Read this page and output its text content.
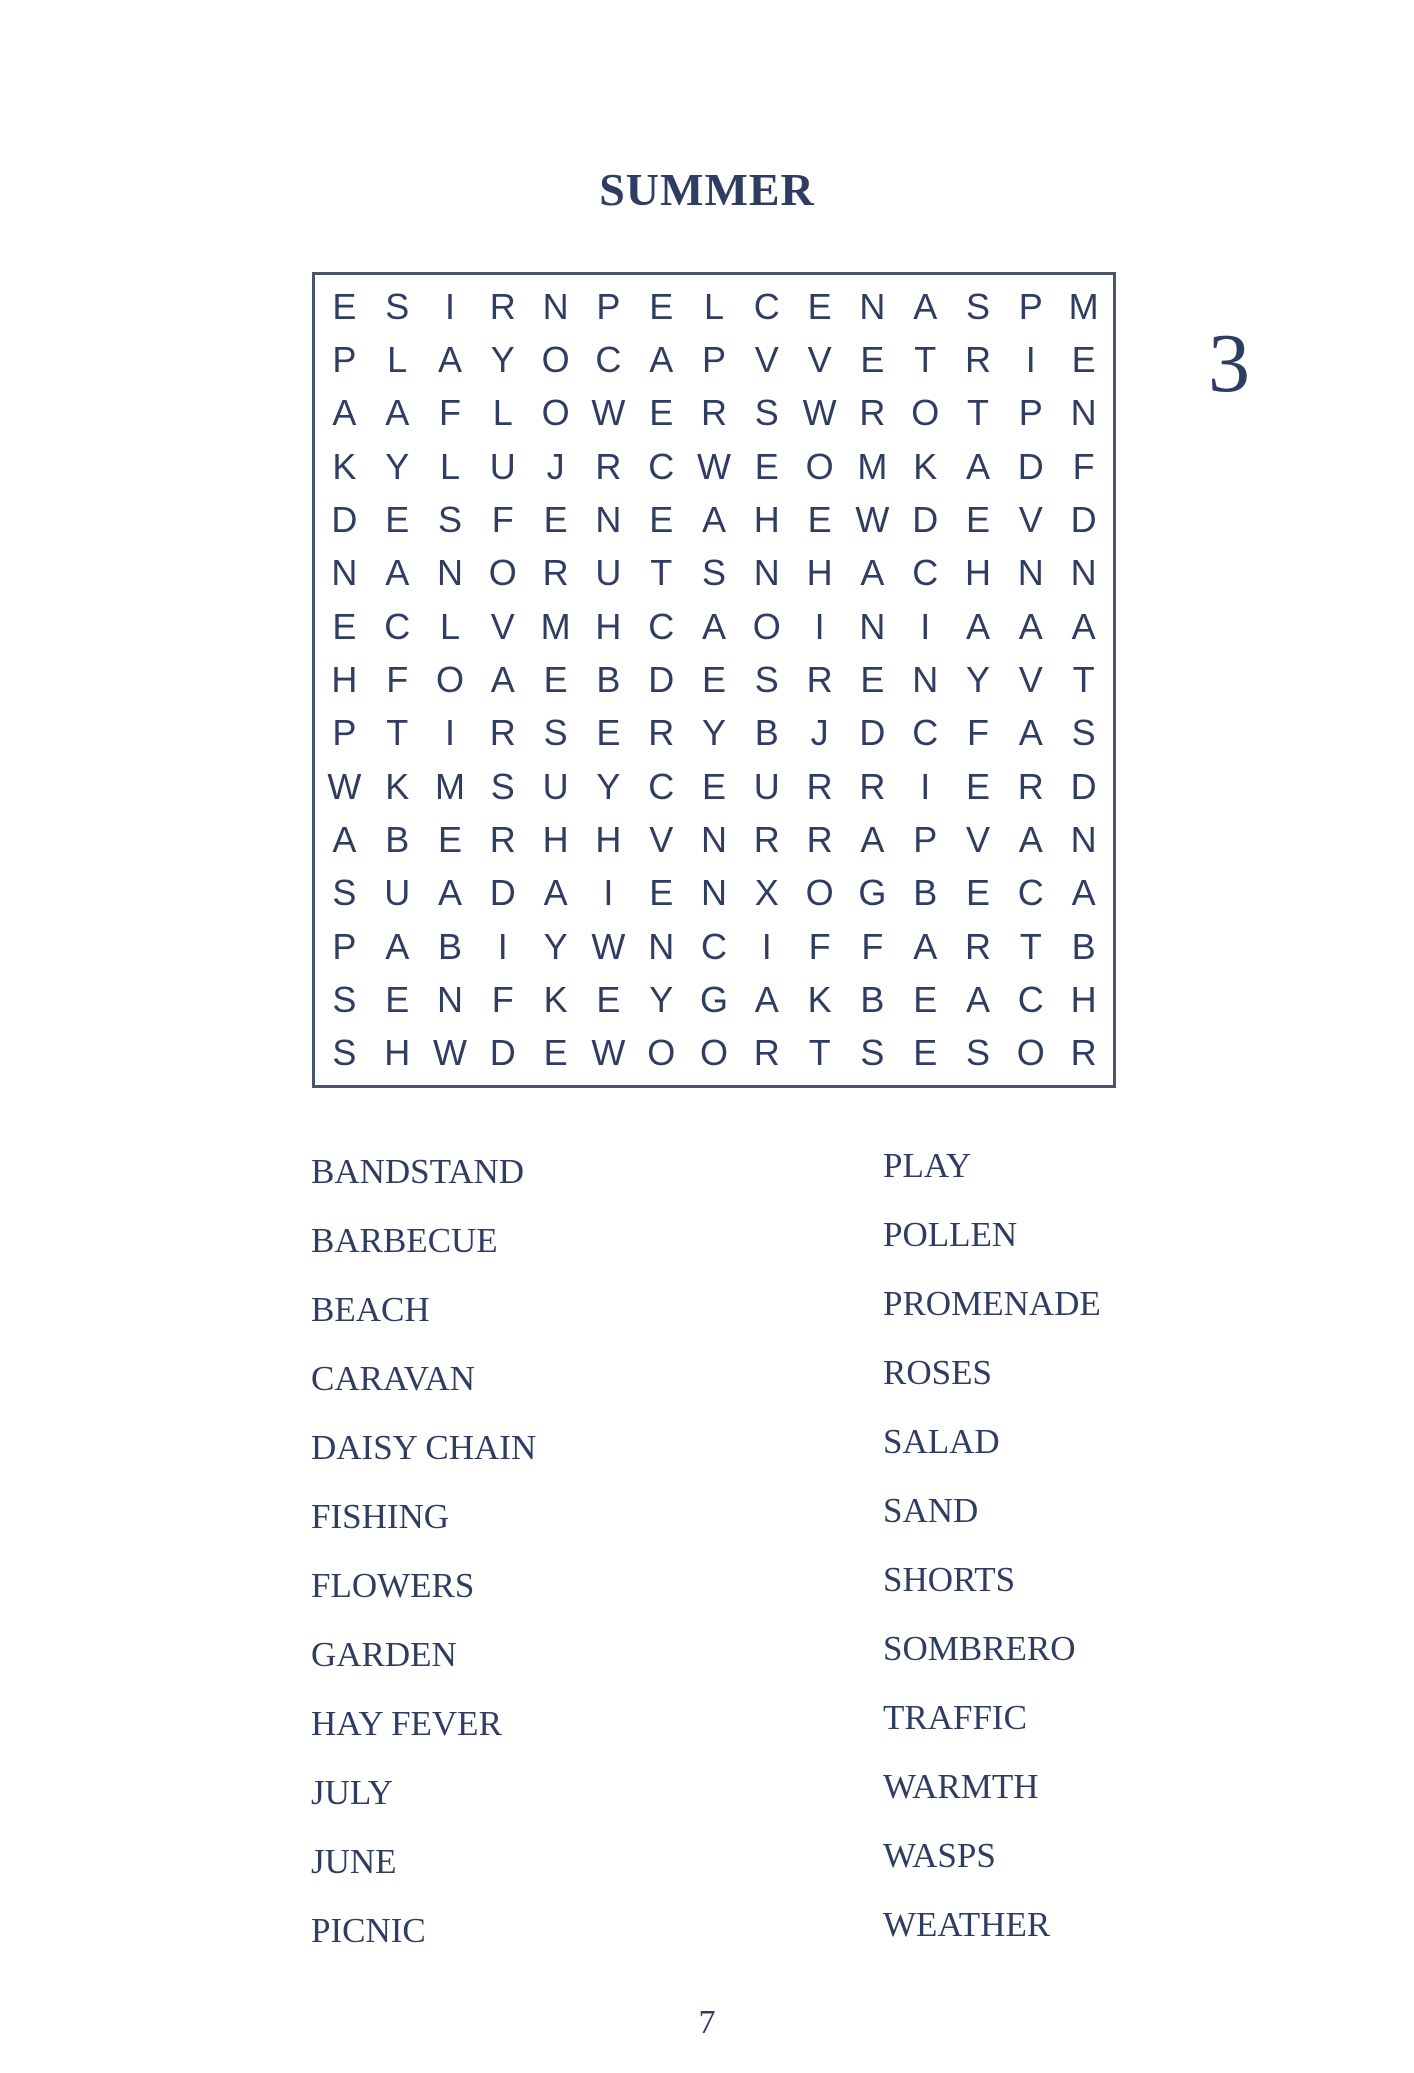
SUMMER
3
E S I R N P E L C E N A S P M
P L A Y O C A P V V E T R I E
A A F L O W E R S W R O T P N
K Y L U J R C W E O M K A D F
D E S F E N E A H E W D E V D
N A N O R U T S N H A C H N N
E C L V M H C A O I N I A A A
H F O A E B D E S R E N Y V T
P T	I R S E R Y B J D C F A S
W K M S U Y C E U R R I E R D
A B E R H H V N R R A P V A N
S U A D A I E N X O G B E C A
P A B I Y W N C I	F F A R T B
S E N F K E Y G A K B E A C H
S H W D E W O O R T S E S O R
BANDSTAND
BARBECUE
BEACH
CARAVAN
DAISY CHAIN
FISHING
FLOWERS
GARDEN
HAY FEVER
JULY
JUNE
PICNIC
PLAY
POLLEN
PROMENADE
ROSES
SALAD
SAND
SHORTS
SOMBRERO
TRAFFIC
WARMTH
WASPS
WEATHER
7
